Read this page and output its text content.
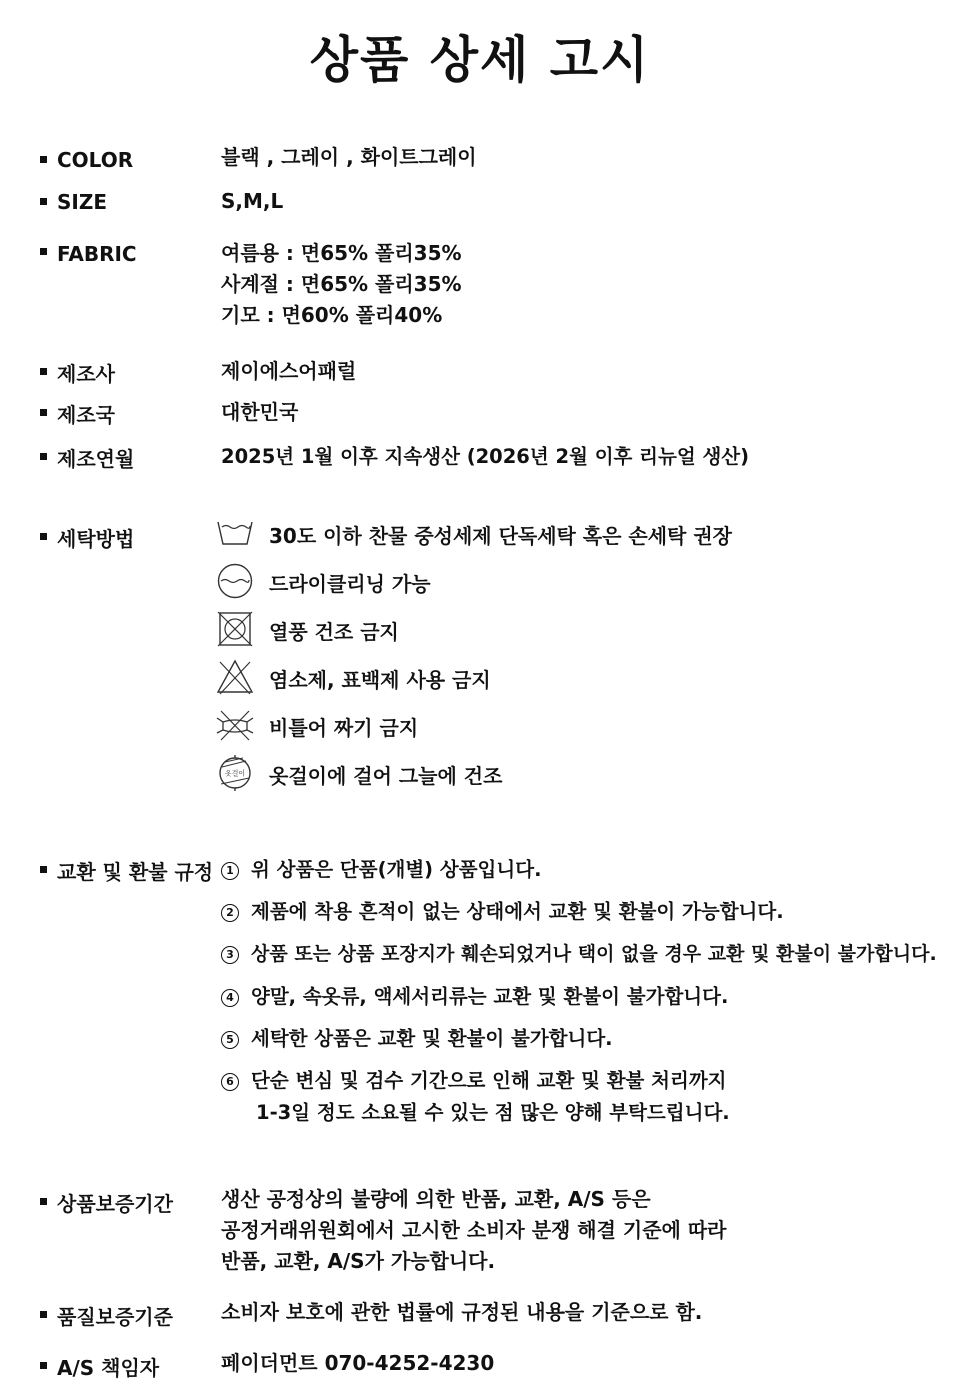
상품 상세 고시
COLOR	블랙 , 그레이 , 화이트그레이
SIZE	S,M,L
FABRIC	여름용 : 면65% 폴리35%
사계절 : 면65% 폴리35%
기모 : 면60% 폴리40%
제조사	제이에스어패럴
제조국	대한민국
제조연월	2025년 1월 이후 지속생산 (2026년 2월 이후 리뉴얼 생산)
세탁방법	30도 이하 찬물 중성세제 단독세탁 혹은 손세탁 권장
드라이클리닝 가능
열풍 건조 금지
염소제, 표백제 사용 금지
비틀어 짜기 금지
옷걸이 옷걸이에 걸어 그늘에 건조
교환 및 환불 규정	1 위 상품은 단품(개별) 상품입니다.
2 제품에 착용 흔적이 없는 상태에서 교환 및 환불이 가능합니다.
3 상품 또는 상품 포장지가 훼손되었거나 택이 없을 경우 교환 및 환불이 불가합니다.
4 양말, 속옷류, 액세서리류는 교환 및 환불이 불가합니다.
5 세탁한 상품은 교환 및 환불이 불가합니다.
6 단순 변심 및 검수 기간으로 인해 교환 및 환불 처리까지
1-3일 정도 소요될 수 있는 점 많은 양해 부탁드립니다.
상품보증기간 생산 공정상의 불량에 의한 반품, 교환, A/S 등은
공정거래위원회에서 고시한 소비자 분쟁 해결 기준에 따라
반품, 교환, A/S가 가능합니다.
품질보증기준 소비자 보호에 관한 법률에 규정된 내용을 기준으로 함.
A/S 책임자	페이더먼트 070-4252-4230
